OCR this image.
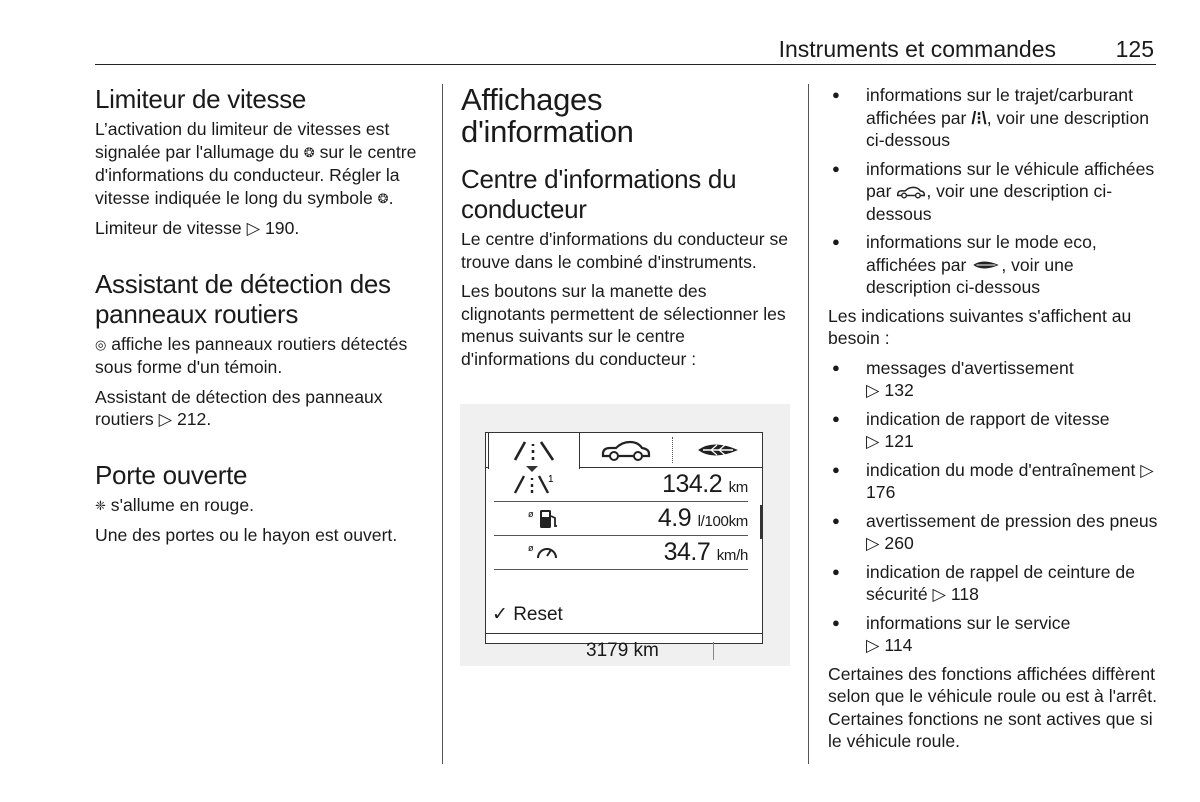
Instruments et commandes	125
Limiteur de vitesse

L’activation du limiteur de vitesses est signalée par l'allumage du ❂ sur le centre d'informations du conducteur. Régler la vitesse indiquée le long du symbole ❂.

Limiteur de vitesse ▷ 190.

Assistant de détection des panneaux routiers

◎ affiche les panneaux routiers détectés sous forme d'un témoin.

Assistant de détection des panneaux routiers ▷ 212.

Porte ouverte

❈ s'allume en rouge.

Une des portes ou le hayon est ouvert.

Affichages d'information
Centre d'informations du conducteur

Le centre d'informations du conducteur se trouve dans le combiné d'instruments.

Les boutons sur la manette des clignotants permettent de sélectionner les menus suivants sur le centre d'informations du conducteur :

1	134.2 km
ø	4.9 l/100km
ø	34.7 km/h
✓︎ Reset
3179 km
● informations sur le trajet/carburant affichées par /⁝\, voir une description ci-dessous
● informations sur le véhicule affichées par , voir une description ci-dessous
● informations sur le mode eco, affichées par , voir une description ci-dessous

Les indications suivantes s'affichent au besoin :

● messages d'avertissement
▷ 132
● indication de rapport de vitesse
▷ 121
● indication du mode d'entraînement ▷ 176
● avertissement de pression des pneus ▷ 260
● indication de rappel de ceinture de sécurité ▷ 118
● informations sur le service
▷ 114

Certaines des fonctions affichées diffèrent selon que le véhicule roule ou est à l'arrêt. Certaines fonctions ne sont actives que si le véhicule roule.
